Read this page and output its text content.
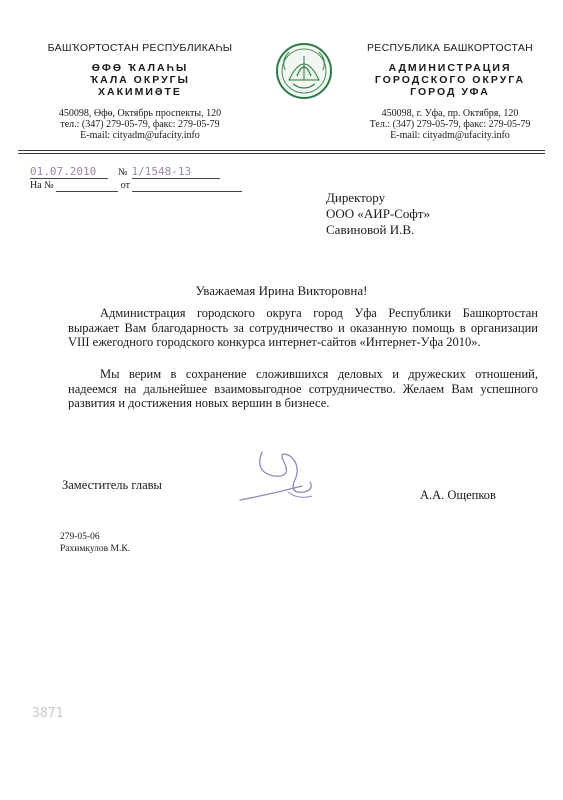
БАШҠОРТОСТАН РЕСПУБЛИКАҺЫ
ӨФӨ ҠАЛАҺЫ
ҠАЛА ОКРУГЫ
ХАКИМИӘТЕ
450098, Өфө, Октябрь проспекты, 120
тел.: (347) 279-05-79, факс: 279-05-79
E-mail: cityadm@ufacity.info
РЕСПУБЛИКА БАШКОРТОСТАН
АДМИНИСТРАЦИЯ
ГОРОДСКОГО ОКРУГА
ГОРОД УФА
450098, г. Уфа, пр. Октября, 120
Тел.: (347) 279-05-79, факс: 279-05-79
E-mail: cityadm@ufacity.info
01.07.2010 № 1/1548-13
На №	от
Директору
ООО «АИР-Софт»
Савиновой И.В.
Уважаемая Ирина Викторовна!
Администрация городского округа город Уфа Республики Башкортостан выражает Вам благодарность за сотрудничество и оказанную помощь в организации VIII ежегодного городского конкурса интернет-сайтов «Интернет-Уфа 2010».
Мы верим в сохранение сложившихся деловых и дружеских отношений, надеемся на дальнейшее взаимовыгодное сотрудничество. Желаем Вам успешного развития и достижения новых вершин в бизнесе.
Заместитель главы
А.А. Ощепков
279-05-06
Рахимкулов М.К.
3871
